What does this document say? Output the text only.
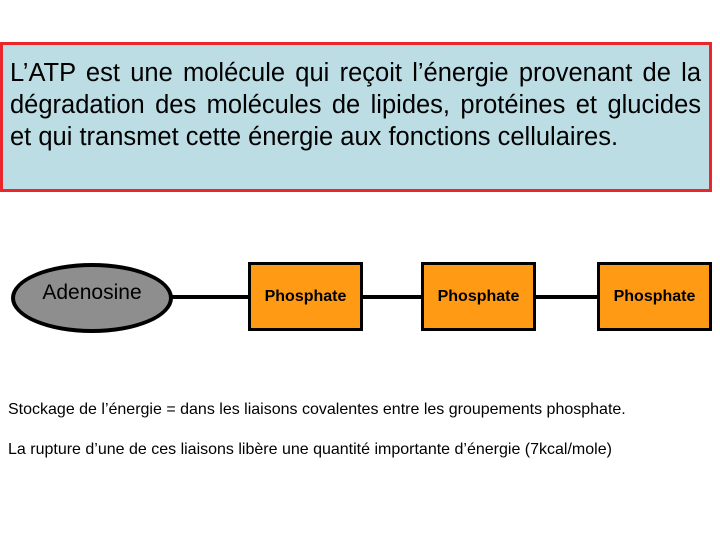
L’ATP est une molécule qui reçoit l’énergie provenant de la dégradation des molécules de lipides, protéines et glucides et qui transmet cette énergie aux fonctions cellulaires.

Adenosine	Phosphate	Phosphate	Phosphate

Stockage de l’énergie = dans les liaisons covalentes entre les groupements phosphate.

La rupture d’une de ces liaisons libère une quantité importante d’énergie (7kcal/mole)
